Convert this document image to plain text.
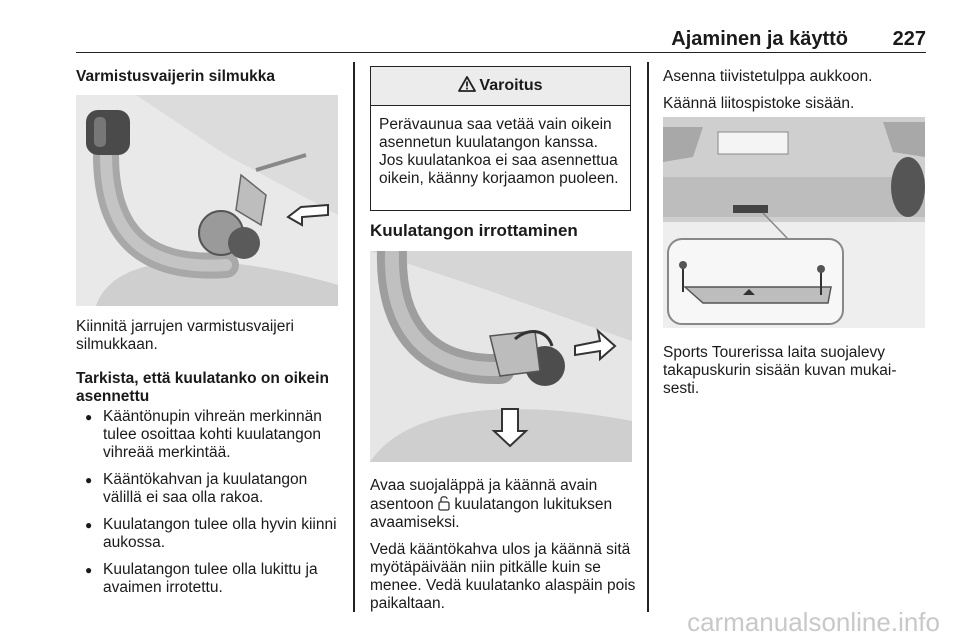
Ajaminen ja käyttö 227
Varmistusvaijerin silmukka

Kiinnitä jarrujen varmistusvaijeri silmukkaan.

Tarkista, että kuulatanko on oikein asennettu

● Kääntönupin vihreän merkinnän tulee osoittaa kohti kuulatangon vihreää merkintää.
● Kääntökahvan ja kuulatangon välillä ei saa olla rakoa.
● Kuulatangon tulee olla hyvin kiinni aukossa.
● Kuulatangon tulee olla lukittu ja avaimen irrotettu.
Varoitus
Perävaunua saa vetää vain oikein asennetun kuulatangon kanssa. Jos kuulatankoa ei saa asennettua oikein, käänny korjaamon puoleen.
Kuulatangon irrottaminen

Avaa suojaläppä ja käännä avain asentoon  kuulatangon lukituksen avaamiseksi.

Vedä kääntökahva ulos ja käännä sitä myötäpäivään niin pitkälle kuin se menee. Vedä kuulatanko alaspäin pois paikaltaan.

Asenna tiivistetulppa aukkoon.

Käännä liitospistoke sisään.

Sports Tourerissa laita suojalevy takapuskurin sisään kuvan mukaisesti.

carmanualsonline.info
